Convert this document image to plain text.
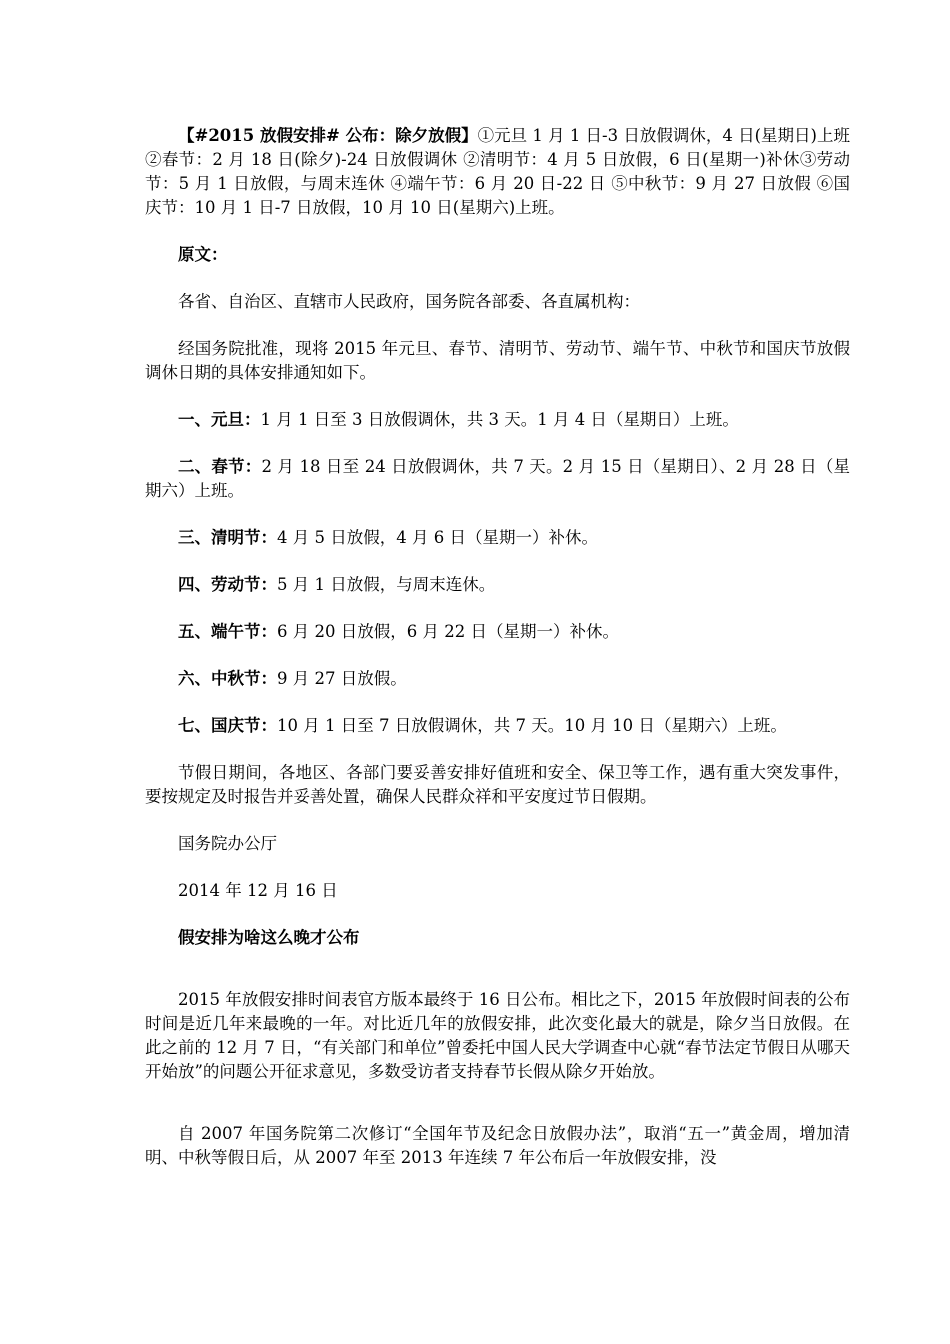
【#2015 放假安排# 公布：除夕放假】①元旦 1 月 1 日-3 日放假调休，4 日(星期日)上班②春节：2 月 18 日(除夕)-24 日放假调休 ②清明节：4 月 5 日放假，6 日(星期一)补休③劳动节：5 月 1 日放假，与周末连休 ④端午节：6 月 20 日-22 日 ⑤中秋节：9 月 27 日放假 ⑥国庆节：10 月 1 日-7 日放假，10 月 10 日(星期六)上班。

原文：

各省、自治区、直辖市人民政府，国务院各部委、各直属机构：

经国务院批准，现将 2015 年元旦、春节、清明节、劳动节、端午节、中秋节和国庆节放假调休日期的具体安排通知如下。

一、元旦：1 月 1 日至 3 日放假调休，共 3 天。1 月 4 日（星期日）上班。

二、春节：2 月 18 日至 24 日放假调休，共 7 天。2 月 15 日（星期日）、2 月 28 日（星期六）上班。

三、清明节：4 月 5 日放假，4 月 6 日（星期一）补休。

四、劳动节：5 月 1 日放假，与周末连休。

五、端午节：6 月 20 日放假，6 月 22 日（星期一）补休。

六、中秋节：9 月 27 日放假。

七、国庆节：10 月 1 日至 7 日放假调休，共 7 天。10 月 10 日（星期六）上班。

节假日期间，各地区、各部门要妥善安排好值班和安全、保卫等工作，遇有重大突发事件，要按规定及时报告并妥善处置，确保人民群众祥和平安度过节日假期。

国务院办公厅

2014 年 12 月 16 日

假安排为啥这么晚才公布

2015 年放假安排时间表官方版本最终于 16 日公布。相比之下，2015 年放假时间表的公布时间是近几年来最晚的一年。对比近几年的放假安排，此次变化最大的就是，除夕当日放假。在此之前的 12 月 7 日，“有关部门和单位”曾委托中国人民大学调查中心就“春节法定节假日从哪天开始放”的问题公开征求意见，多数受访者支持春节长假从除夕开始放。

自 2007 年国务院第二次修订“全国年节及纪念日放假办法”，取消“五一”黄金周，增加清明、中秋等假日后，从 2007 年至 2013 年连续 7 年公布后一年放假安排，没
